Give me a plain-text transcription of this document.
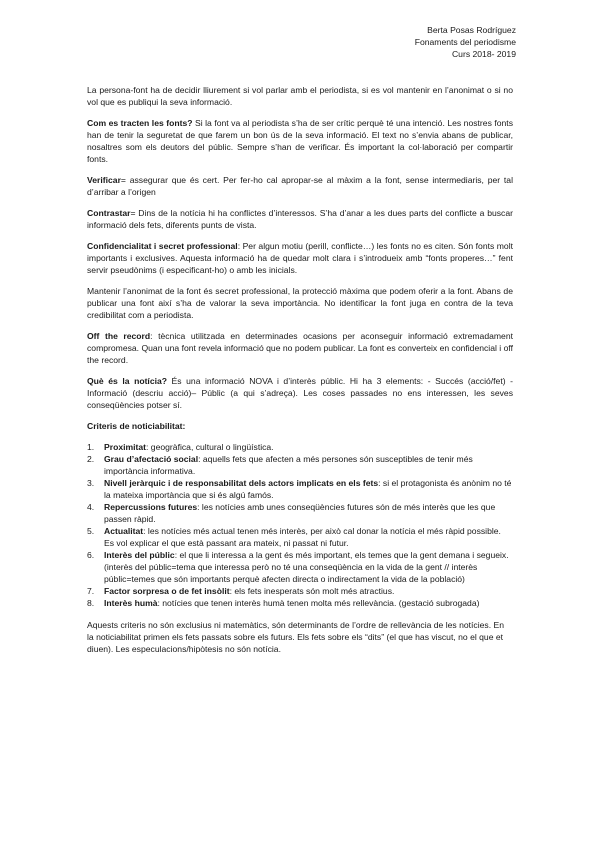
Berta Posas Rodríguez
Fonaments del periodisme
Curs 2018- 2019

La persona-font ha de decidir lliurement si vol parlar amb el periodista, si es vol mantenir en l’anonimat o si no vol que es publiqui la seva informació.

Com es tracten les fonts? Si la font va al periodista s’ha de ser crític perquè té una intenció. Les nostres fonts han de tenir la seguretat de que farem un bon ús de la seva informació. El text no s’envia abans de publicar, nosaltres som els deutors del públic. Sempre s’han de verificar. És important la col·laboració per compartir fonts.

Verificar= assegurar que és cert. Per fer-ho cal apropar-se al màxim a la font, sense intermediaris, per tal d’arribar a l’origen

Contrastar= Dins de la notícia hi ha conflictes d’interessos. S’ha d’anar a les dues parts del conflicte a buscar informació dels fets, diferents punts de vista.

Confidencialitat i secret professional: Per algun motiu (perill, conflicte…) les fonts no es citen. Són fonts molt importants i exclusives. Aquesta informació ha de quedar molt clara i s’introdueix amb “fonts properes…” fent servir pseudònims (i especificant-ho) o amb les inicials.

Mantenir l’anonimat de la font és secret professional, la protecció màxima que podem oferir a la font. Abans de publicar una font així s’ha de valorar la seva importància. No identificar la font juga en contra de la teva credibilitat com a periodista.

Off the record: tècnica utilitzada en determinades ocasions per aconseguir informació extremadament compromesa. Quan una font revela informació que no podem publicar. La font es converteix en confidencial i off the record.

Què és la notícia? És una informació NOVA i d’interès públic. Hi ha 3 elements: - Succés (acció/fet) - Informació (descriu acció)– Públic (a qui s’adreça). Les coses passades no ens interessen, les seves conseqüències potser sí.

Criteris de noticiabilitat:
1.	Proximitat: geogràfica, cultural o lingüística.
2.	Grau d’afectació social: aquells fets que afecten a més persones són susceptibles de tenir més importància informativa.
3.	Nivell jeràrquic i de responsabilitat dels actors implicats en els fets: si el protagonista és anònim no té la mateixa importància que si és algú famós.
4.	Repercussions futures: les notícies amb unes conseqüències futures són de més interès que les que passen ràpid.
5.	Actualitat: les notícies més actual tenen més interès, per això cal donar la notícia el més ràpid possible. Es vol explicar el que està passant ara mateix, ni passat ni futur.
6.	Interès del públic: el que li interessa a la gent és més important, els temes que la gent demana i segueix. (interès del públic=tema que interessa però no té una conseqüència en la vida de la gent // interès públic=temes que són importants perquè afecten directa o indirectament la vida de la població)
7.	Factor sorpresa o de fet insòlit: els fets inesperats són molt més atractius.
8.	Interès humà: notícies que tenen interès humà tenen molta més rellevància. (gestació subrogada)

Aquests criteris no són exclusius ni matemàtics, són determinants de l’ordre de rellevància de les notícies. En la noticiabilitat primen els fets passats sobre els futurs. Els fets sobre els “dits” (el que has viscut, no el que et diuen). Les especulacions/hipòtesis no són notícia.
